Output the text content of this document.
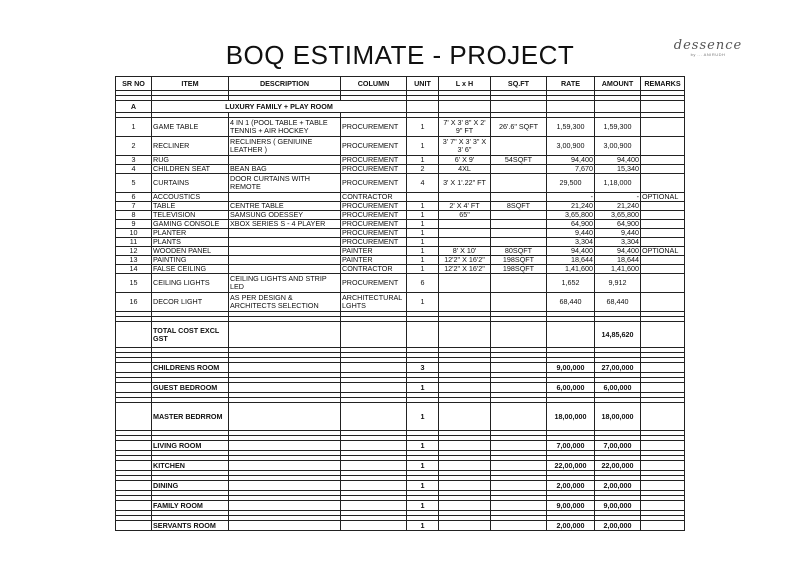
BOQ ESTIMATE - PROJECT	dessence
by ... ANIRUDH
SR NO	ITEM	DESCRIPTION	COLUMN	UNIT	L x H	SQ.FT	RATE	AMOUNT	REMARKS

A	LUXURY FAMILY + PLAY ROOM								

1	GAME TABLE	4 IN 1 (POOL TABLE + TABLE TENNIS + AIR HOCKEY	PROCUREMENT	1	7' X 3' 8" X 2' 9" FT	26'.6" SQFT	1,59,300	1,59,300	
2	RECLINER	RECLINERS ( GENIUINE LEATHER )	PROCUREMENT	1	3' 7" X 3' 3" X 3' 6"		3,00,900	3,00,900	
3	RUG		PROCUREMENT	1	6' X 9'	54SQFT	94,400	94,400	
4	CHILDREN SEAT	BEAN BAG	PROCUREMENT	2	4XL		7,670	15,340	
5	CURTAINS	DOOR CURTAINS WITH REMOTE	PROCUREMENT	4	3' X 1'.22" FT		29,500	1,18,000	
6	ACCOUSTICS		CONTRACTOR				-	-	OPTIONAL
7	TABLE	CENTRE TABLE	PROCUREMENT	1	2' X 4' FT	8SQFT	21,240	21,240	
8	TELEVISION	SAMSUNG ODESSEY	PROCUREMENT	1	65"		3,65,800	3,65,800	
9	GAMING CONSOLE	XBOX SERIES S - 4 PLAYER	PROCUREMENT	1			64,900	64,900	
10	PLANTER		PROCUREMENT	1			9,440	9,440	
11	PLANTS		PROCUREMENT	1			3,304	3,304	
12	WOODEN PANEL		PAINTER	1	8' X 10'	80SQFT	94,400	94,400	OPTIONAL
13	PAINTING		PAINTER	1	12'2" X 16'2"	198SQFT	18,644	18,644	
14	FALSE CEILING		CONTRACTOR	1	12'2" X 16'2"	198SQFT	1,41,600	1,41,600	
15	CEILING LIGHTS	CEILING LIGHTS AND STRIP LED	PROCUREMENT	6			1,652	9,912	
16	DECOR LIGHT	AS PER DESIGN & ARCHITECTS SELECTION	ARCHITECTURAL LGHTS	1			68,440	68,440	

	TOTAL COST EXCL GST							14,85,620	

	CHILDRENS ROOM			3			9,00,000	27,00,000	

	GUEST BEDROOM			1			6,00,000	6,00,000	

	MASTER BEDRROM			1			18,00,000	18,00,000	

	LIVING ROOM			1			7,00,000	7,00,000	

	KITCHEN			1			22,00,000	22,00,000	

	DINING			1			2,00,000	2,00,000	

	FAMILY ROOM			1			9,00,000	9,00,000	

	SERVANTS ROOM			1			2,00,000	2,00,000	
